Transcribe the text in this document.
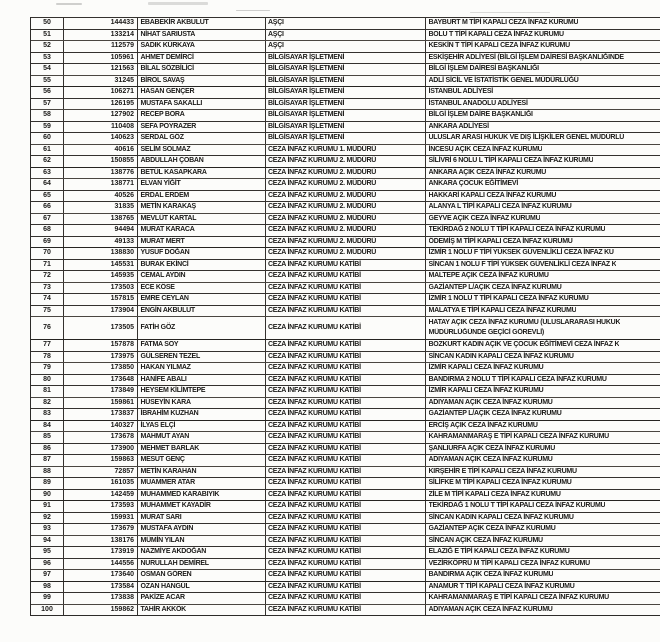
50	144433 EBABEKİR AKBULUT	AŞÇI	BAYBURT M TİPİ KAPALI CEZA İNFAZ KURUMU
51	133214 NİHAT SARIUSTA	AŞÇI	BOLU T TİPİ KAPALI CEZA İNFAZ KURUMU
52	112579 SADIK KÜRKAYA	AŞÇI	KESKİN T TİPİ KAPALI CEZA İNFAZ KURUMU
53	105961 AHMET DEMİRCİ	BİLGİSAYAR İŞLETMENİ	ESKİŞEHİR ADLİYESİ (BİLGİ İŞLEM DAİRESİ BAŞKANLIĞINDE
54	121563 BİLAL SÖZBİLİCİ	BİLGİSAYAR İŞLETMENİ	BİLGİ İŞLEM DAİRESİ BAŞKANLIĞI
55	31245 BİROL SAVAŞ	BİLGİSAYAR İŞLETMENİ	ADLİ SİCİL VE İSTATİSTİK GENEL MÜDÜRLÜĞÜ
56	106271 HASAN GENÇER	BİLGİSAYAR İŞLETMENİ	İSTANBUL ADLİYESİ
57	126195 MUSTAFA SAKALLI	BİLGİSAYAR İŞLETMENİ	İSTANBUL ANADOLU ADLİYESİ
58	127902 RECEP BORA	BİLGİSAYAR İŞLETMENİ	BİLGİ İŞLEM DAİRE BAŞKANLIĞI
59	110408 SEFA POYRAZER	BİLGİSAYAR İŞLETMENİ	ANKARA ADLİYESİ
60	140623 SERDAL GÖZ	BİLGİSAYAR İŞLETMENİ	ULUSLAR ARASI HUKUK VE DIŞ İLİŞKİLER GENEL MÜDÜRLÜ
61	40616 SELİM SOLMAZ	CEZA İNFAZ KURUMU 1. MÜDÜRÜ	İNCESU AÇIK CEZA İNFAZ KURUMU
62	150855 ABDULLAH ÇOBAN	CEZA İNFAZ KURUMU 2. MÜDÜRÜ	SİLİVRİ 6 NOLU L TİPİ KAPALI CEZA İNFAZ KURUMU
63	138776 BETÜL KASAPKARA	CEZA İNFAZ KURUMU 2. MÜDÜRÜ	ANKARA AÇIK CEZA İNFAZ KURUMU
64	138771 ELVAN YİĞİT	CEZA İNFAZ KURUMU 2. MÜDÜRÜ	ANKARA ÇOCUK EĞİTİMEVİ
65	40526 ERDAL ERDEM	CEZA İNFAZ KURUMU 2. MÜDÜRÜ	HAKKARİ KAPALI CEZA İNFAZ KURUMU
66	31835 METİN KARAKAŞ	CEZA İNFAZ KURUMU 2. MÜDÜRÜ	ALANYA L TİPİ KAPALI CEZA İNFAZ KURUMU
67	138765 MEVLÜT KARTAL	CEZA İNFAZ KURUMU 2. MÜDÜRÜ	GEYVE AÇIK CEZA İNFAZ KURUMU
68	94494 MURAT KARACA	CEZA İNFAZ KURUMU 2. MÜDÜRÜ	TEKİRDAĞ 2 NOLU T TİPİ KAPALI CEZA İNFAZ KURUMU
69	49133 MURAT MERT	CEZA İNFAZ KURUMU 2. MÜDÜRÜ	ÖDEMİŞ M TİPİ KAPALI CEZA İNFAZ KURUMU
70	138830 YUSUF DOĞAN	CEZA İNFAZ KURUMU 2. MÜDÜRÜ	İZMİR 1 NOLU F TİPİ YÜKSEK GÜVENLİKLİ CEZA İNFAZ KU
71	145531 BURAK EKİNCİ	CEZA İNFAZ KURUMU KATİBİ	SİNCAN 1 NOLU F TİPİ YÜKSEK GÜVENLİKLİ CEZA İNFAZ K
72	145935 CEMAL AYDIN	CEZA İNFAZ KURUMU KATİBİ	MALTEPE AÇIK CEZA İNFAZ KURUMU
73	173503 ECE KÖSE	CEZA İNFAZ KURUMU KATİBİ	GAZİANTEP L/AÇIK CEZA İNFAZ KURUMU
74	157815 EMRE CEYLAN	CEZA İNFAZ KURUMU KATİBİ	İZMİR 1 NOLU T TİPİ KAPALI CEZA İNFAZ KURUMU
75	173904 ENGİN AKBULUT	CEZA İNFAZ KURUMU KATİBİ	MALATYA E TİPİ KAPALI CEZA İNFAZ KURUMU
76	173505 FATİH GÖZ	CEZA İNFAZ KURUMU KATİBİ
HATAY AÇIK CEZA İNFAZ KURUMU (ULUSLARARASI HUKUK
MÜDÜRLÜĞÜNDE GEÇİCİ GÖREVLİ)
77	157878 FATMA SOY	CEZA İNFAZ KURUMU KATİBİ	BOZKURT KADIN AÇIK VE ÇOCUK EĞİTİMEVİ CEZA İNFAZ K
78	173975 GÜLSEREN TEZEL	CEZA İNFAZ KURUMU KATİBİ	SİNCAN KADIN KAPALI CEZA İNFAZ KURUMU
79	173850 HAKAN YILMAZ	CEZA İNFAZ KURUMU KATİBİ	İZMİR KAPALI CEZA İNFAZ KURUMU
80	173648 HANİFE ABALI	CEZA İNFAZ KURUMU KATİBİ	BANDIRMA 2 NOLU T TİPİ KAPALI CEZA İNFAZ KURUMU
81	173849 HEYSEM KİLİMTEPE	CEZA İNFAZ KURUMU KATİBİ	İZMİR KAPALI CEZA İNFAZ KURUMU
82	159861 HÜSEYİN KARA	CEZA İNFAZ KURUMU KATİBİ	ADIYAMAN AÇIK CEZA İNFAZ KURUMU
83	173837 İBRAHİM KUZHAN	CEZA İNFAZ KURUMU KATİBİ	GAZİANTEP L/AÇIK CEZA İNFAZ KURUMU
84	140327 İLYAS ELÇİ	CEZA İNFAZ KURUMU KATİBİ	ERCİŞ AÇIK CEZA İNFAZ KURUMU
85	173678 MAHMUT AYAN	CEZA İNFAZ KURUMU KATİBİ	KAHRAMANMARAŞ E TİPİ KAPALI CEZA İNFAZ KURUMU
86	173900 MEHMET BARLAK	CEZA İNFAZ KURUMU KATİBİ	ŞANLIURFA AÇIK CEZA İNFAZ KURUMU
87	159863 MESUT GENÇ	CEZA İNFAZ KURUMU KATİBİ	ADIYAMAN AÇIK CEZA İNFAZ KURUMU
88	72857 METİN KARAHAN	CEZA İNFAZ KURUMU KATİBİ	KIRŞEHİR E TİPİ KAPALI CEZA İNFAZ KURUMU
89	161035 MUAMMER ATAR	CEZA İNFAZ KURUMU KATİBİ	SİLİFKE M TİPİ KAPALI CEZA İNFAZ KURUMU
90	142459 MUHAMMED KARABIYIK	CEZA İNFAZ KURUMU KATİBİ	ZİLE M TİPİ KAPALI CEZA İNFAZ KURUMU
91	173593 MUHAMMET KAYADİR	CEZA İNFAZ KURUMU KATİBİ	TEKİRDAĞ 1 NOLU T TİPİ KAPALI CEZA İNFAZ KURUMU
92	159931 MURAT SARI	CEZA İNFAZ KURUMU KATİBİ	SİNCAN KADIN KAPALI CEZA İNFAZ KURUMU
93	173679 MUSTAFA AYDIN	CEZA İNFAZ KURUMU KATİBİ	GAZİANTEP AÇIK CEZA İNFAZ KURUMU
94	138176 MÜMİN YILAN	CEZA İNFAZ KURUMU KATİBİ	SİNCAN AÇIK CEZA İNFAZ KURUMU
95	173919 NAZMİYE AKDOĞAN	CEZA İNFAZ KURUMU KATİBİ	ELAZIĞ E TİPİ KAPALI CEZA İNFAZ KURUMU
96	144556 NURULLAH DEMİREL	CEZA İNFAZ KURUMU KATİBİ	VEZİRKÖPRÜ M TİPİ KAPALI CEZA İNFAZ KURUMU
97	173640 OSMAN GÖREN	CEZA İNFAZ KURUMU KATİBİ	BANDIRMA AÇIK CEZA İNFAZ KURUMU
98	173584 OZAN HANGÜL	CEZA İNFAZ KURUMU KATİBİ	ANAMUR T TİPİ KAPALI CEZA İNFAZ KURUMU
99	173838 PAKİZE ACAR	CEZA İNFAZ KURUMU KATİBİ	KAHRAMANMARAŞ E TİPİ KAPALI CEZA İNFAZ KURUMU
100	159862 TAHİR AKKÖK	CEZA İNFAZ KURUMU KATİBİ	ADIYAMAN AÇIK CEZA İNFAZ KURUMU
